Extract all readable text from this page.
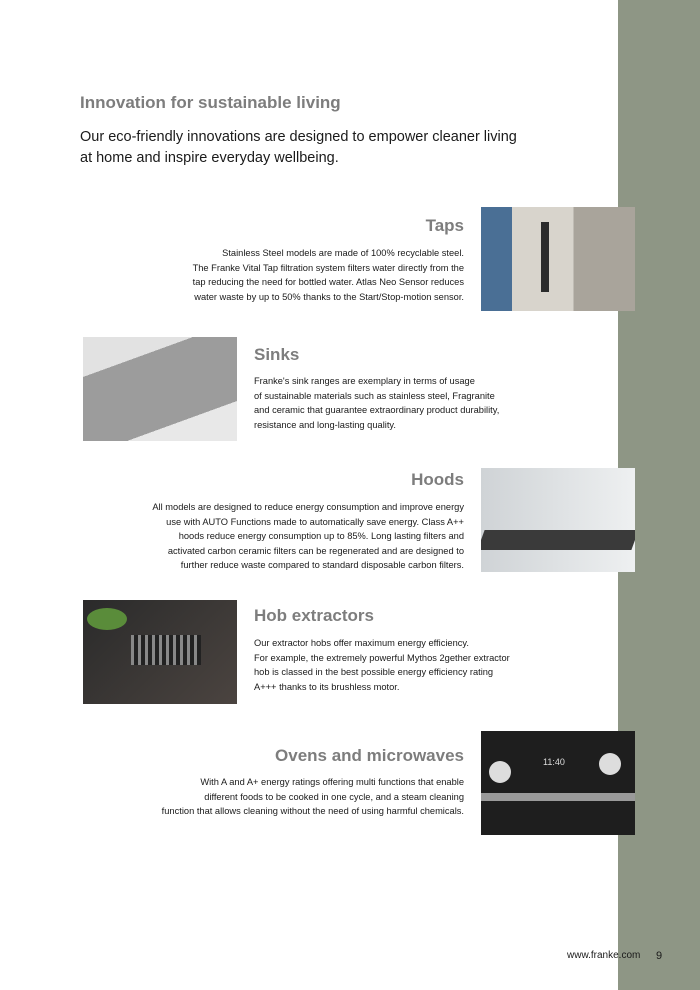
Innovation for sustainable living

Our eco-friendly innovations are designed to empower cleaner living at home and inspire everyday wellbeing.

Taps

Stainless Steel models are made of 100% recyclable steel.
The Franke Vital Tap filtration system filters water directly from the
tap reducing the need for bottled water. Atlas Neo Sensor reduces
water waste by up to 50% thanks to the Start/Stop-motion sensor.

Sinks

Franke's sink ranges are exemplary in terms of usage
of sustainable materials such as stainless steel, Fragranite
and ceramic that guarantee extraordinary product durability,
resistance and long-lasting quality.

Hoods

All models are designed to reduce energy consumption and improve energy
use with AUTO Functions made to automatically save energy. Class A++
hoods reduce energy consumption up to 85%. Long lasting filters and
activated carbon ceramic filters can be regenerated and are designed to
further reduce waste compared to standard disposable carbon filters.

Hob extractors

Our extractor hobs offer maximum energy efficiency.
For example, the extremely powerful Mythos 2gether extractor
hob is classed in the best possible energy efficiency rating
A+++ thanks to its brushless motor.

11:40
Ovens and microwaves

With A and A+ energy ratings offering multi functions that enable
different foods to be cooked in one cycle, and a steam cleaning
function that allows cleaning without the need of using harmful chemicals.

www.franke.com 9
